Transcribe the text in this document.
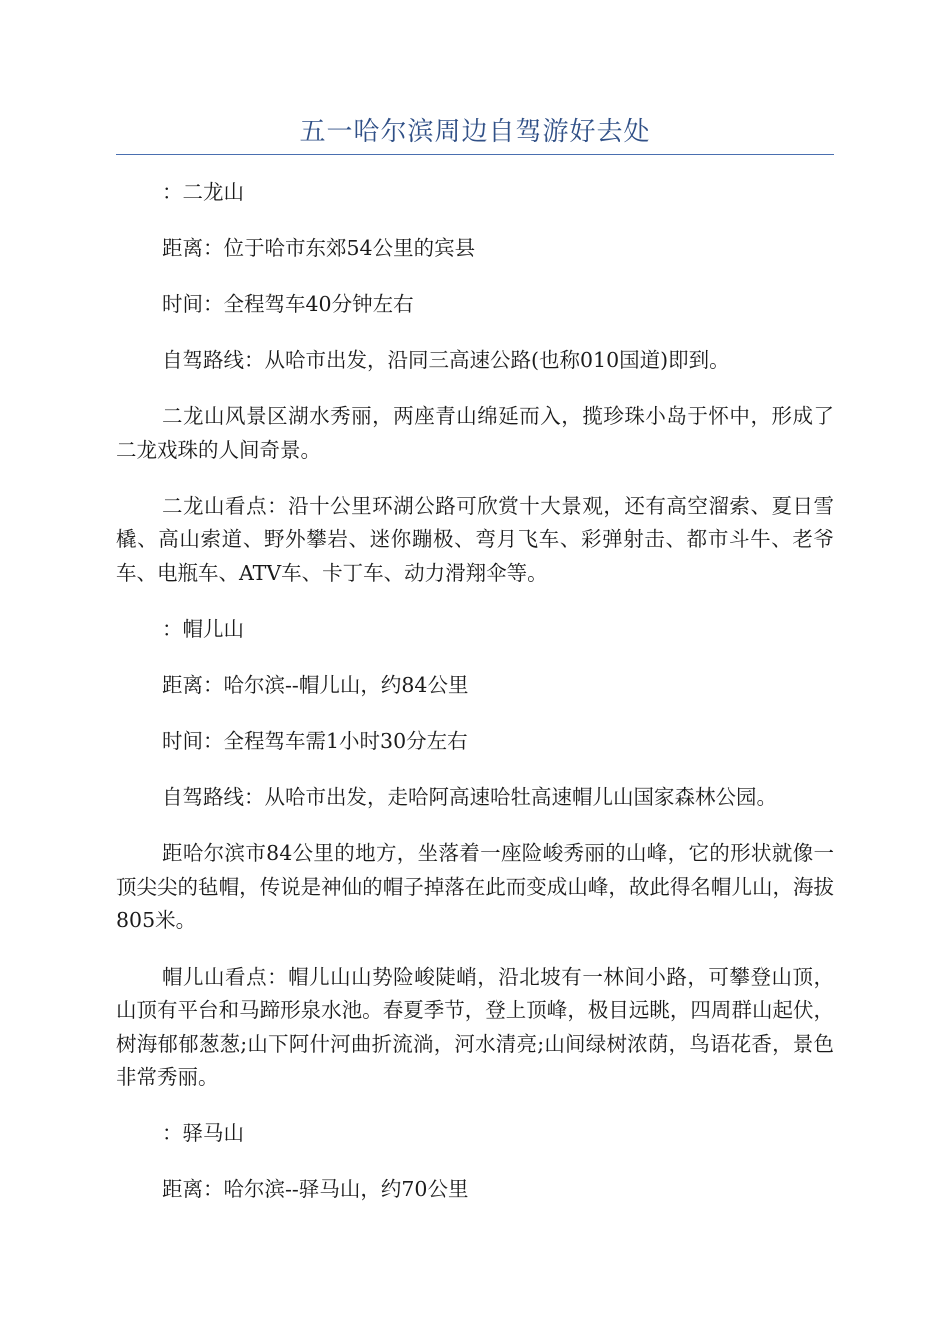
五一哈尔滨周边自驾游好去处

：二龙山

距离：位于哈市东郊54公里的宾县

时间：全程驾车40分钟左右

自驾路线：从哈市出发，沿同三高速公路(也称010国道)即到。

二龙山风景区湖水秀丽，两座青山绵延而入，揽珍珠小岛于怀中，形成了二龙戏珠的人间奇景。

二龙山看点：沿十公里环湖公路可欣赏十大景观，还有高空溜索、夏日雪橇、高山索道、野外攀岩、迷你蹦极、弯月飞车、彩弹射击、都市斗牛、老爷车、电瓶车、ATV车、卡丁车、动力滑翔伞等。

：帽儿山

距离：哈尔滨--帽儿山，约84公里

时间：全程驾车需1小时30分左右

自驾路线：从哈市出发，走哈阿高速哈牡高速帽儿山国家森林公园。

距哈尔滨市84公里的地方，坐落着一座险峻秀丽的山峰，它的形状就像一顶尖尖的毡帽，传说是神仙的帽子掉落在此而变成山峰，故此得名帽儿山，海拔805米。

帽儿山看点：帽儿山山势险峻陡峭，沿北坡有一林间小路，可攀登山顶，山顶有平台和马蹄形泉水池。春夏季节，登上顶峰，极目远眺，四周群山起伏，树海郁郁葱葱;山下阿什河曲折流淌，河水清亮;山间绿树浓荫，鸟语花香，景色非常秀丽。

：驿马山

距离：哈尔滨--驿马山，约70公里
